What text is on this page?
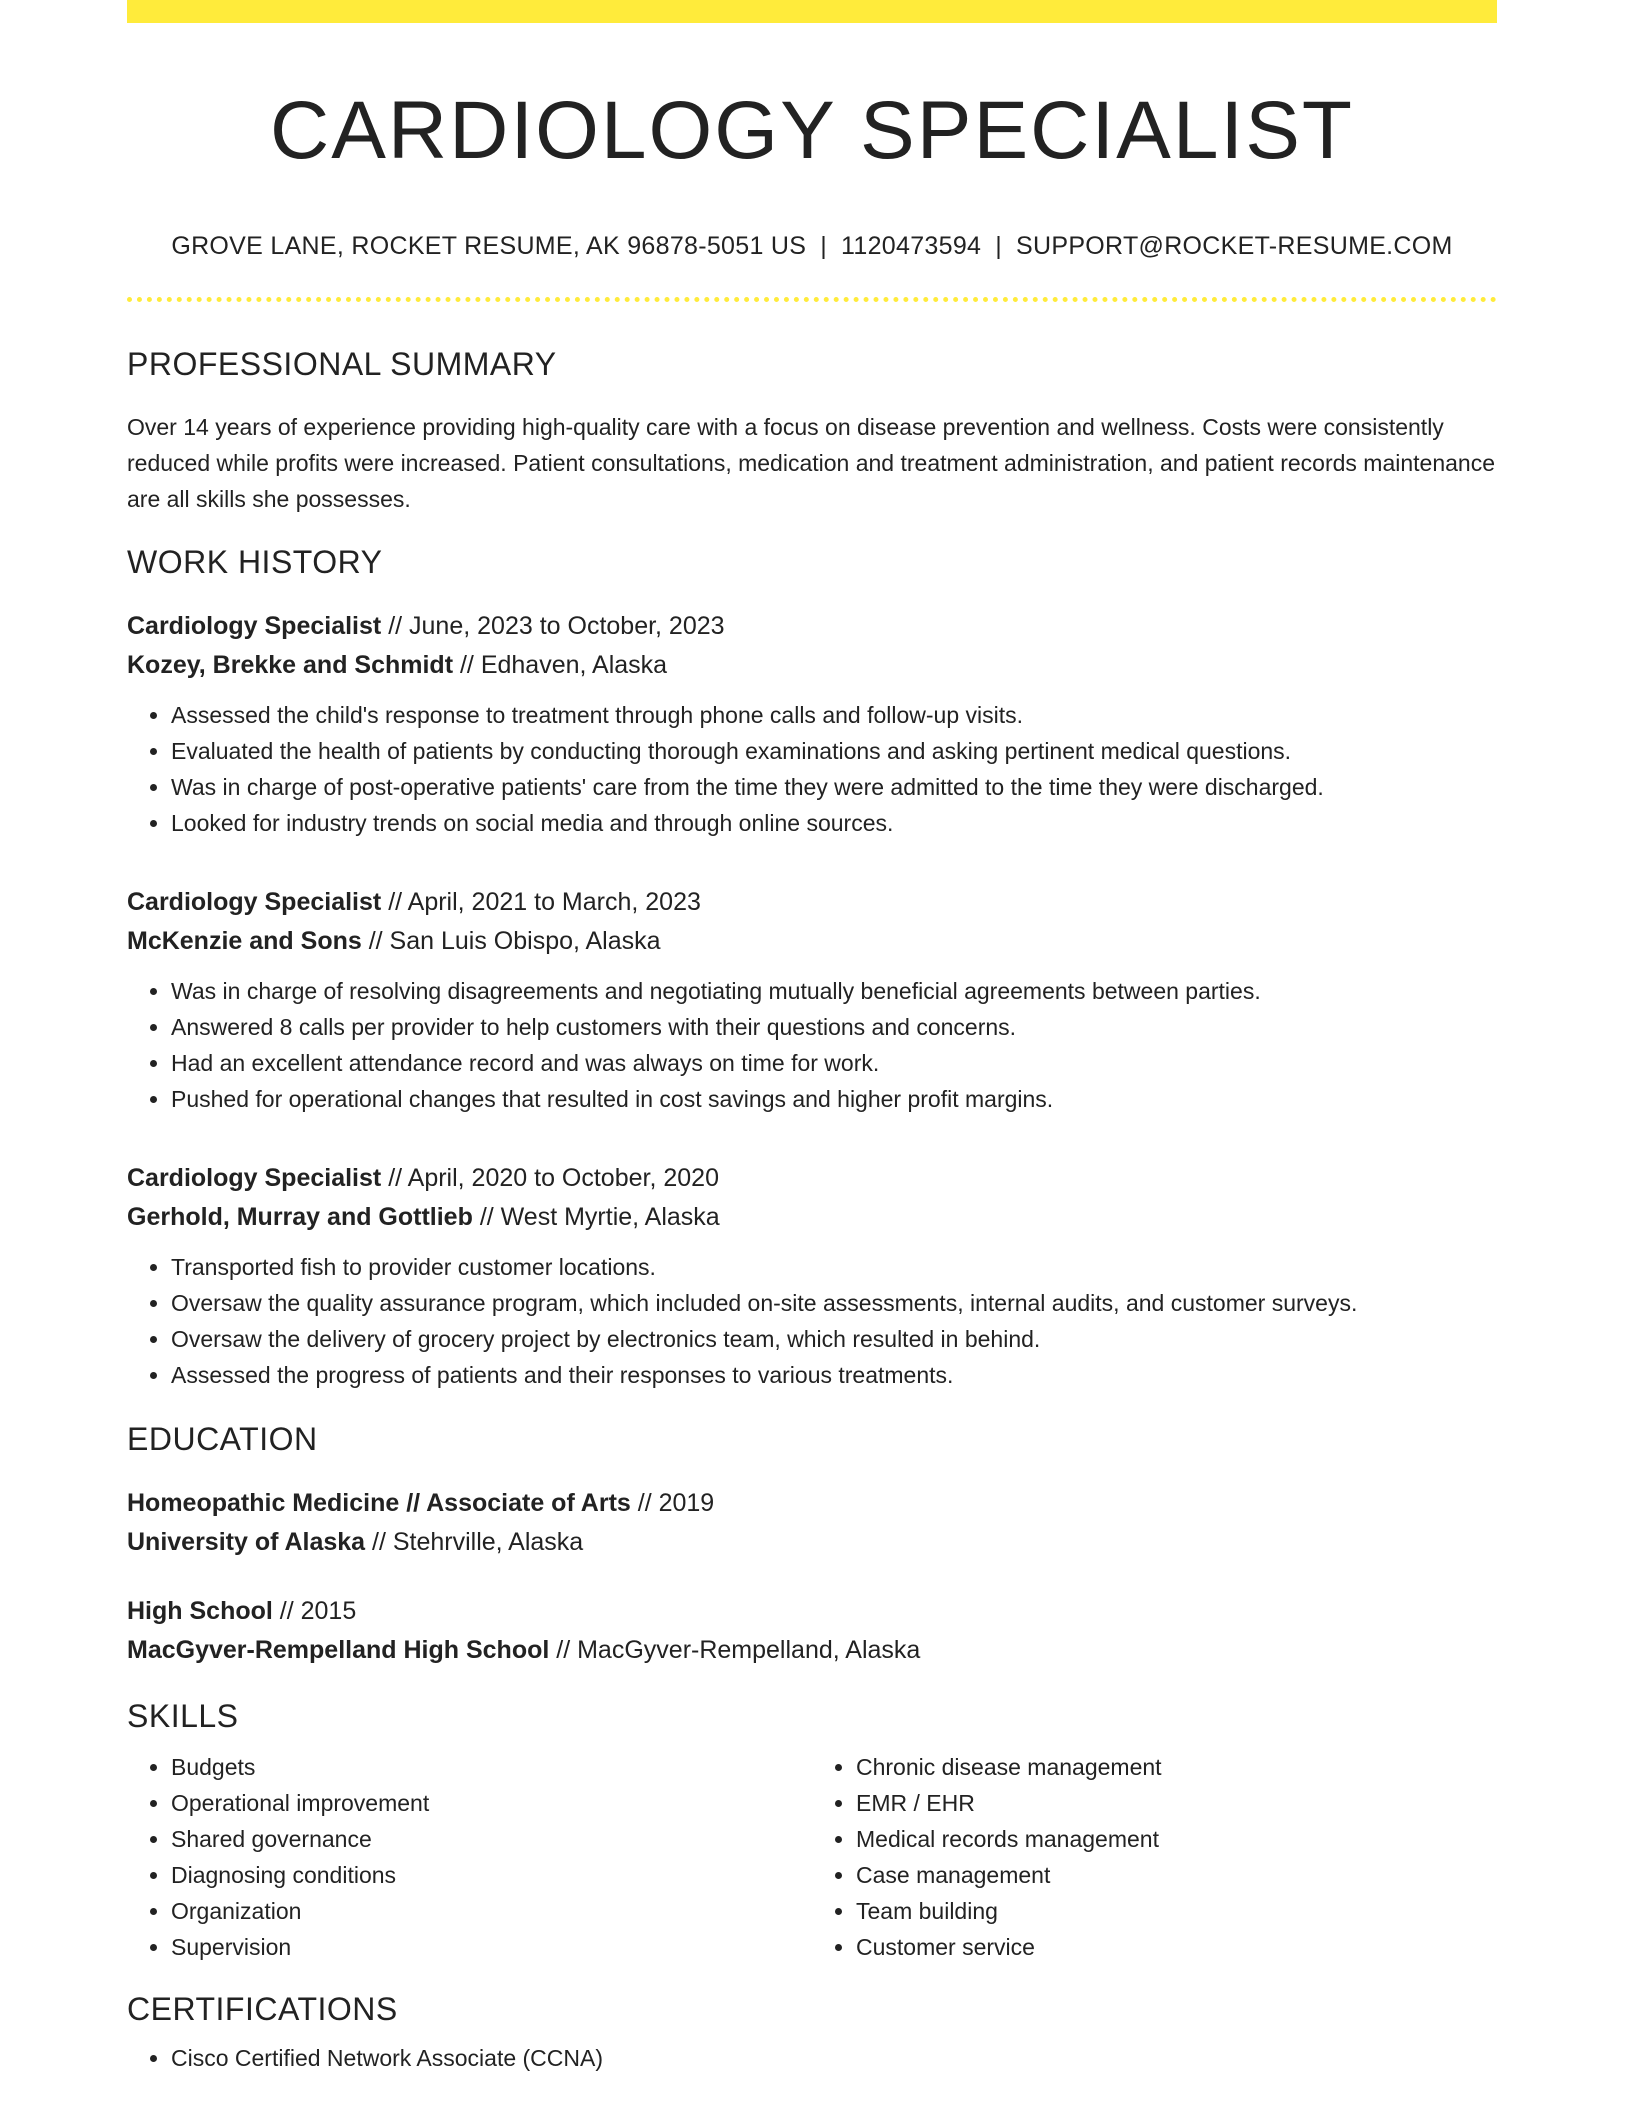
CARDIOLOGY SPECIALIST
GROVE LANE, ROCKET RESUME, AK 96878-5051 US | 1120473594 | SUPPORT@ROCKET-RESUME.COM
PROFESSIONAL SUMMARY
Over 14 years of experience providing high-quality care with a focus on disease prevention and wellness. Costs were consistently reduced while profits were increased. Patient consultations, medication and treatment administration, and patient records maintenance are all skills she possesses.
WORK HISTORY
Cardiology Specialist // June, 2023 to October, 2023
Kozey, Brekke and Schmidt // Edhaven, Alaska
• Assessed the child's response to treatment through phone calls and follow-up visits.
• Evaluated the health of patients by conducting thorough examinations and asking pertinent medical questions.
• Was in charge of post-operative patients' care from the time they were admitted to the time they were discharged.
• Looked for industry trends on social media and through online sources.
Cardiology Specialist // April, 2021 to March, 2023
McKenzie and Sons // San Luis Obispo, Alaska
• Was in charge of resolving disagreements and negotiating mutually beneficial agreements between parties.
• Answered 8 calls per provider to help customers with their questions and concerns.
• Had an excellent attendance record and was always on time for work.
• Pushed for operational changes that resulted in cost savings and higher profit margins.
Cardiology Specialist // April, 2020 to October, 2020
Gerhold, Murray and Gottlieb // West Myrtie, Alaska
• Transported fish to provider customer locations.
• Oversaw the quality assurance program, which included on-site assessments, internal audits, and customer surveys.
• Oversaw the delivery of grocery project by electronics team, which resulted in behind.
• Assessed the progress of patients and their responses to various treatments.
EDUCATION
Homeopathic Medicine // Associate of Arts // 2019
University of Alaska // Stehrville, Alaska
High School // 2015
MacGyver-Rempelland High School // MacGyver-Rempelland, Alaska
SKILLS
• Budgets
• Operational improvement
• Shared governance
• Diagnosing conditions
• Organization
• Supervision
• Chronic disease management
• EMR / EHR
• Medical records management
• Case management
• Team building
• Customer service
CERTIFICATIONS
• Cisco Certified Network Associate (CCNA)
